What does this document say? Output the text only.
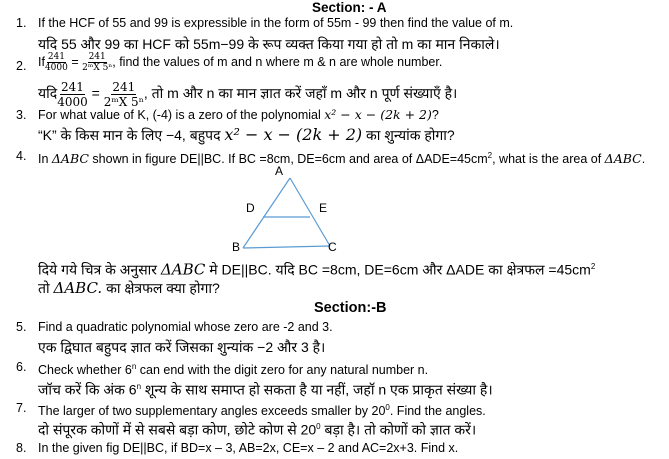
Section: - A
1. If the HCF of 55 and 99 is expressible in the form of 55m - 99 then find the value of m.
यदि 55 और 99 का HCF को 55m−99 के रूप व्यक्त किया गया हो तो m का मान निकाले।
2. If $\frac{241}{4000} = \frac{241}{\text{2ᵐX 5ⁿ}}$ , find the values of m and n where m & n are whole number.
यदि $\frac{241}{4000} = \frac{241}{\text{2ᵐX 5ⁿ}}$ , तो m और n का मान ज्ञात करें जहाँ m और n पूर्ण संख्याएँ है।
3. For what value of K, (-4) is a zero of the polynomial x² − x − (2k + 2)?
“K” के किस मान के लिए −4, बहुपद x² − x − (2k + 2) का शुन्यांक होगा?
4. In ΔABC shown in figure DE||BC. If BC =8cm, DE=6cm and area of $\Delta ADE=45cm^2$, what is the area of ΔABC.
A
D	E
B	C
दिये गये चित्र के अनुसार ΔABC मे DE||BC. यदि BC =8cm, DE=6cm और ΔADE का क्षेत्रफल $=45cm^2$
तो ΔABC. का क्षेत्रफल क्या होगा?
Section:-B
5. Find a quadratic polynomial whose zero are -2 and 3.
एक द्विघात बहुपद ज्ञात करें जिसका शुन्यांक −2 और 3 है।
6. Check whether 6$^n$ can end with the digit zero for any natural number n.
जॉच करें कि अंक 6$^n$ शून्य के साथ समाप्त हो सकता है या नहीं, जहॉ n एक प्राकृत संख्या है।
7. The larger of two supplementary angles exceeds smaller by $20^0$. Find the angles.
दो संपूरक कोणों में से सबसे बड़ा कोण, छोटे कोण से $20^0$ बड़ा है। तो कोणों को ज्ञात करें।
8. In the given fig DE||BC, if BD=x – 3, AB=2x, CE=x – 2 and AC=2x+3. Find x.
